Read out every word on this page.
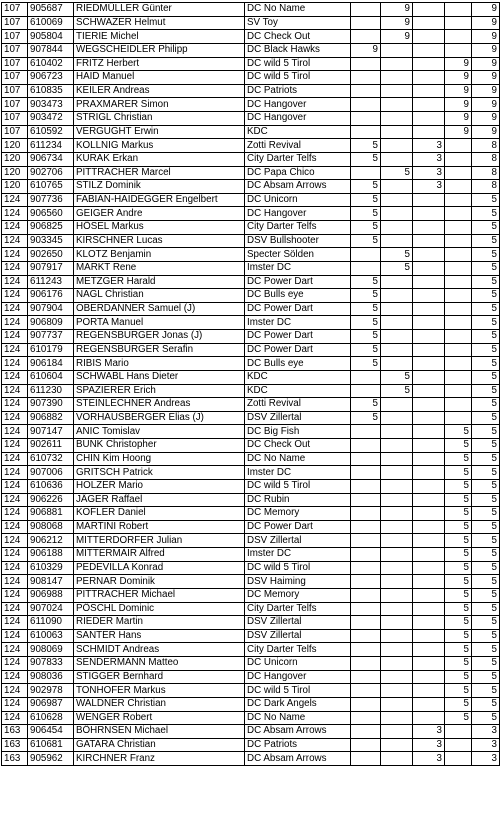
107	905687	RIEDMÜLLER Günter	DC No Name		9			9
107	610069	SCHWAZER Helmut	SV Toy		9			9
107	905804	TIERIE Michel	DC Check Out		9			9
107	907844	WEGSCHEIDLER Philipp	DC Black Hawks	9				9
107	610402	FRITZ Herbert	DC wild 5 Tirol				9	9
107	906723	HAID Manuel	DC wild 5 Tirol				9	9
107	610835	KEILER Andreas	DC Patriots				9	9
107	903473	PRAXMARER Simon	DC Hangover				9	9
107	903472	STRIGL Christian	DC Hangover				9	9
107	610592	VERGUGHT Erwin	KDC				9	9
120	611234	KOLLNIG Markus	Zotti Revival	5		3		8
120	906734	KURAK Erkan	City Darter Telfs	5		3		8
120	902706	PITTRACHER Marcel	DC Papa Chico		5	3		8
120	610765	STILZ Dominik	DC Absam Arrows	5		3		8
124	907736	FABIAN-HAIDEGGER Engelbert	DC Unicorn	5				5
124	906560	GEIGER Andre	DC Hangover	5				5
124	906825	HÖSEL Markus	City Darter Telfs	5				5
124	903345	KIRSCHNER Lucas	DSV Bullshooter	5				5
124	902650	KLOTZ Benjamin	Specter Sölden		5			5
124	907917	MARKT Rene	Imster DC		5			5
124	611243	METZGER Harald	DC Power Dart	5				5
124	906176	NAGL Christian	DC Bulls eye	5				5
124	907904	OBERDANNER Samuel (J)	DC Power Dart	5				5
124	906809	PORTA Manuel	Imster DC	5				5
124	907737	REGENSBURGER Jonas (J)	DC Power Dart	5				5
124	610179	REGENSBURGER Serafin	DC Power Dart	5				5
124	906184	RIBIS Mario	DC Bulls eye	5				5
124	610604	SCHWABL Hans Dieter	KDC		5			5
124	611230	SPAZIERER Erich	KDC		5			5
124	907390	STEINLECHNER Andreas	Zotti Revival	5				5
124	906882	VORHAUSBERGER Elias (J)	DSV Zillertal	5				5
124	907147	ANIC Tomislav	DC Big Fish				5	5
124	902611	BUNK Christopher	DC Check Out				5	5
124	610732	CHIN Kim Hoong	DC No Name				5	5
124	907006	GRITSCH Patrick	Imster DC				5	5
124	610636	HOLZER Mario	DC wild 5 Tirol				5	5
124	906226	JÄGER Raffael	DC Rubin				5	5
124	906881	KOFLER Daniel	DC Memory				5	5
124	908068	MARTINI Robert	DC Power Dart				5	5
124	906212	MITTERDORFER Julian	DSV Zillertal				5	5
124	906188	MITTERMAIR Alfred	Imster DC				5	5
124	610329	PEDEVILLA Konrad	DC wild 5 Tirol				5	5
124	908147	PERNAR Dominik	DSV Haiming				5	5
124	906988	PITTRACHER Michael	DC Memory				5	5
124	907024	PÖSCHL Dominic	City Darter Telfs				5	5
124	611090	RIEDER Martin	DSV Zillertal				5	5
124	610063	SANTER Hans	DSV Zillertal				5	5
124	908069	SCHMIDT Andreas	City Darter Telfs				5	5
124	907833	SENDERMANN Matteo	DC Unicorn				5	5
124	908036	STIGGER Bernhard	DC Hangover				5	5
124	902978	TONHOFER Markus	DC wild 5 Tirol				5	5
124	906987	WALDNER Christian	DC Dark Angels				5	5
124	610628	WENGER Robert	DC No Name				5	5
163	906454	BÖHRNSEN Michael	DC Absam Arrows			3		3
163	610681	GATARA Christian	DC Patriots			3		3
163	905962	KIRCHNER Franz	DC Absam Arrows			3		3
